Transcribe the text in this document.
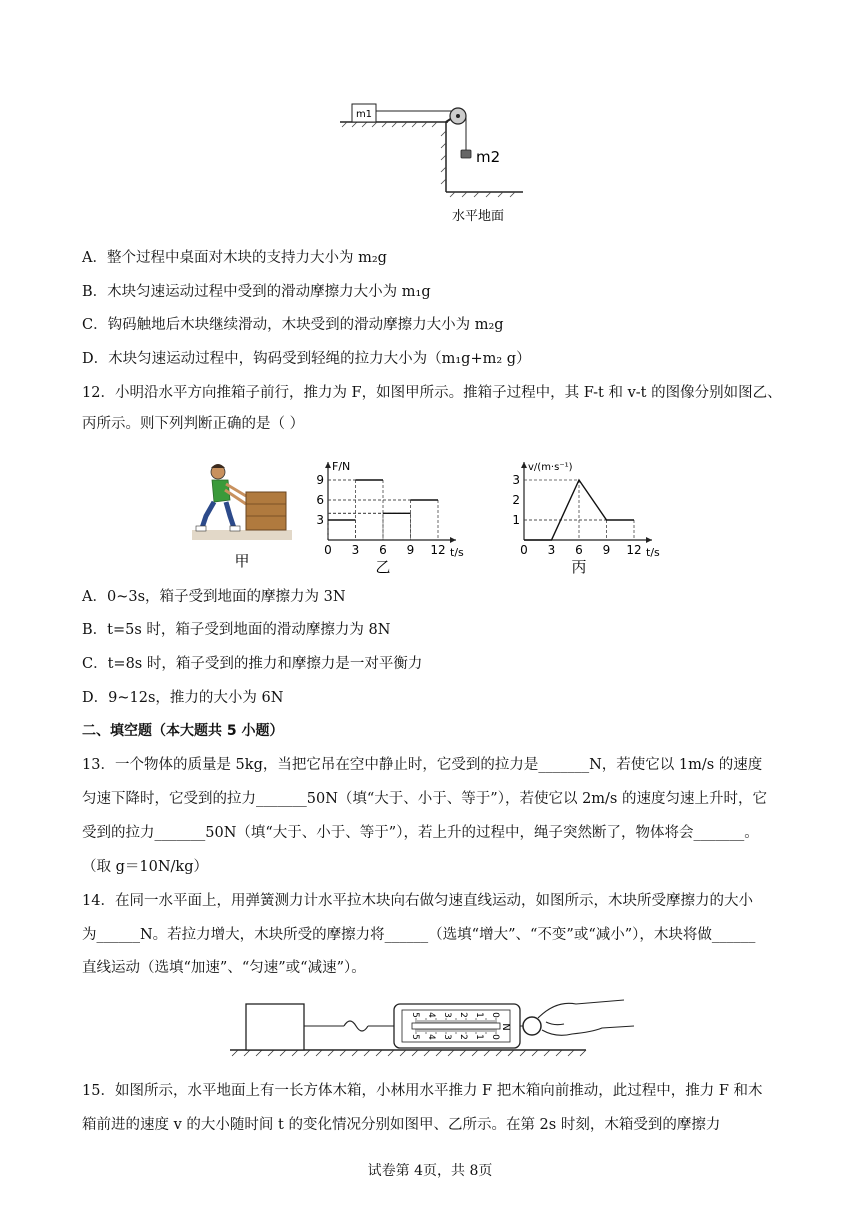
m1
m2
水平地面
A．整个过程中桌面对木块的支持力大小为 m₂g
B．木块匀速运动过程中受到的滑动摩擦力大小为 m₁g
C．钩码触地后木块继续滑动，木块受到的滑动摩擦力大小为 m₂g
D．木块匀速运动过程中，钩码受到轻绳的拉力大小为（m₁g+m₂ g）
12．小明沿水平方向推箱子前行，推力为 F，如图甲所示。推箱子过程中，其 F-t 和 v-t 的图像分别如图乙、
丙所示。则下列判断正确的是（ ）
甲
F/N
t/s
0 3 6 9 12
3
6
9
乙
v/(m·s⁻¹)
t/s
0 3 6 9 12
1
2
3
丙
A．0~3s，箱子受到地面的摩擦力为 3N
B．t=5s 时，箱子受到地面的滑动摩擦力为 8N
C．t=8s 时，箱子受到的推力和摩擦力是一对平衡力
D．9~12s，推力的大小为 6N
二、填空题（本大题共 5 小题）
13．一个物体的质量是 5kg，当把它吊在空中静止时，它受到的拉力是_______N，若使它以 1m/s 的速度
匀速下降时，它受到的拉力_______50N（填“大于、小于、等于”），若使它以 2m/s 的速度匀速上升时，它
受到的拉力_______50N（填“大于、小于、等于”），若上升的过程中，绳子突然断了，物体将会_______。
（取 g＝10N/kg）
14．在同一水平面上，用弹簧测力计水平拉木块向右做匀速直线运动，如图所示，木块所受摩擦力的大小
为______N。若拉力增大，木块所受的摩擦力将______（选填“增大”、“不变”或“减小”），木块将做______
直线运动（选填“加速”、“匀速”或“减速”）。
5
5
4
4
3
3
2
2
1
1
0
0
N
15．如图所示，水平地面上有一长方体木箱，小林用水平推力 F 把木箱向前推动，此过程中，推力 F 和木
箱前进的速度 v 的大小随时间 t 的变化情况分别如图甲、乙所示。在第 2s 时刻，木箱受到的摩擦力
试卷第 4页，共 8页
